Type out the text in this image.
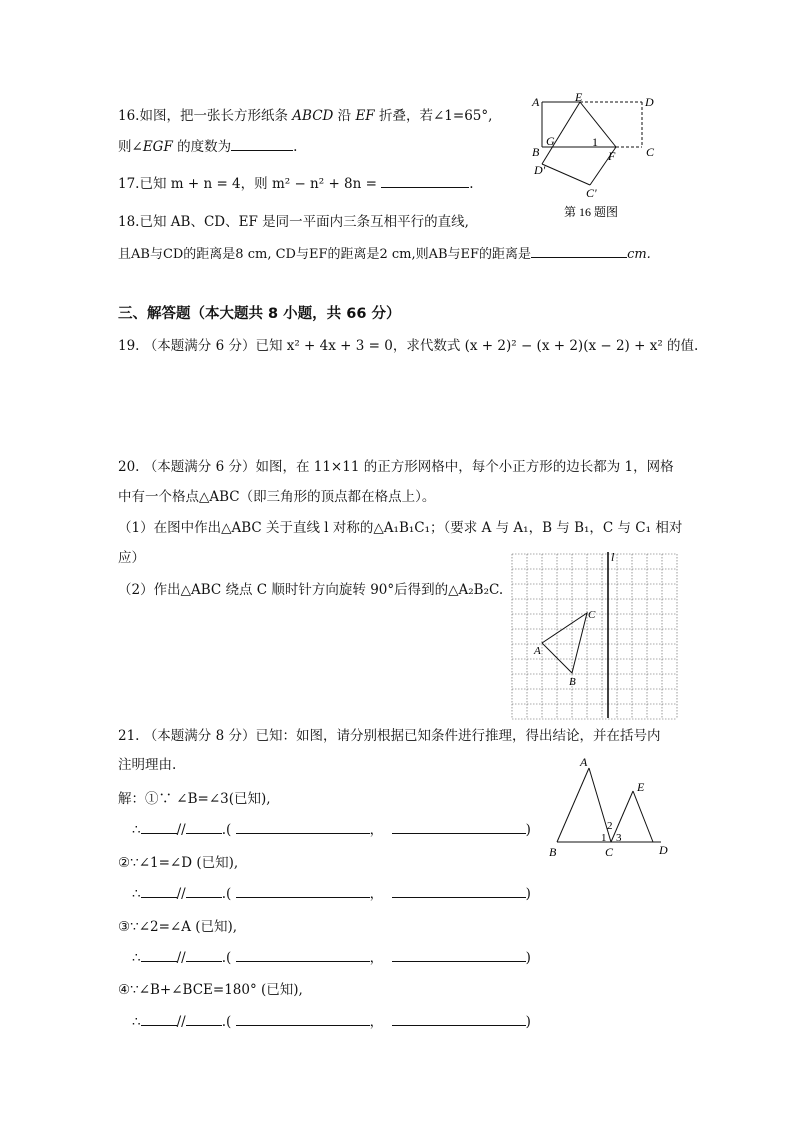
16.如图，把一张长方形纸条 ABCD 沿 EF 折叠，若∠1=65°,
则∠EGF 的度数为	.
A	E	D
G
B
1
F	C
D'
C'
第 16 题图
17.已知 m + n = 4，则 m² − n² + 8n =	.
18.已知 AB、CD、EF 是同一平面内三条互相平行的直线,
且AB与CD的距离是8 cm, CD与EF的距离是2 cm,则AB与EF的距离是	cm.
三、解答题（本大题共 8 小题，共 66 分）
19. （本题满分 6 分）已知 x² + 4x + 3 = 0，求代数式 (x + 2)² − (x + 2)(x − 2) + x² 的值.
20. （本题满分 6 分）如图，在 11×11 的正方形网格中，每个小正方形的边长都为 1，网格
中有一个格点△ABC（即三角形的顶点都在格点上）。
（1）在图中作出△ABC 关于直线 l 对称的△A₁B₁C₁；（要求 A 与 A₁，B 与 B₁，C 与 C₁ 相对
应）
（2）作出△ABC 绕点 C 顺时针方向旋转 90°后得到的△A₂B₂C.
l
A
B
C
21. （本题满分 8 分）已知：如图，请分别根据已知条件进行推理，得出结论，并在括号内
注明理由.
解：①∵ ∠B=∠3(已知),
∴	//	.(	，	)
②∵∠1=∠D (已知),
∴	//	.(	，	)
③∵∠2=∠A (已知),
∴	//	.(	，	)
④∵∠B+∠BCE=180° (已知),
∴	//	.(	，	)
A
E
B	C	D
1
2
3
